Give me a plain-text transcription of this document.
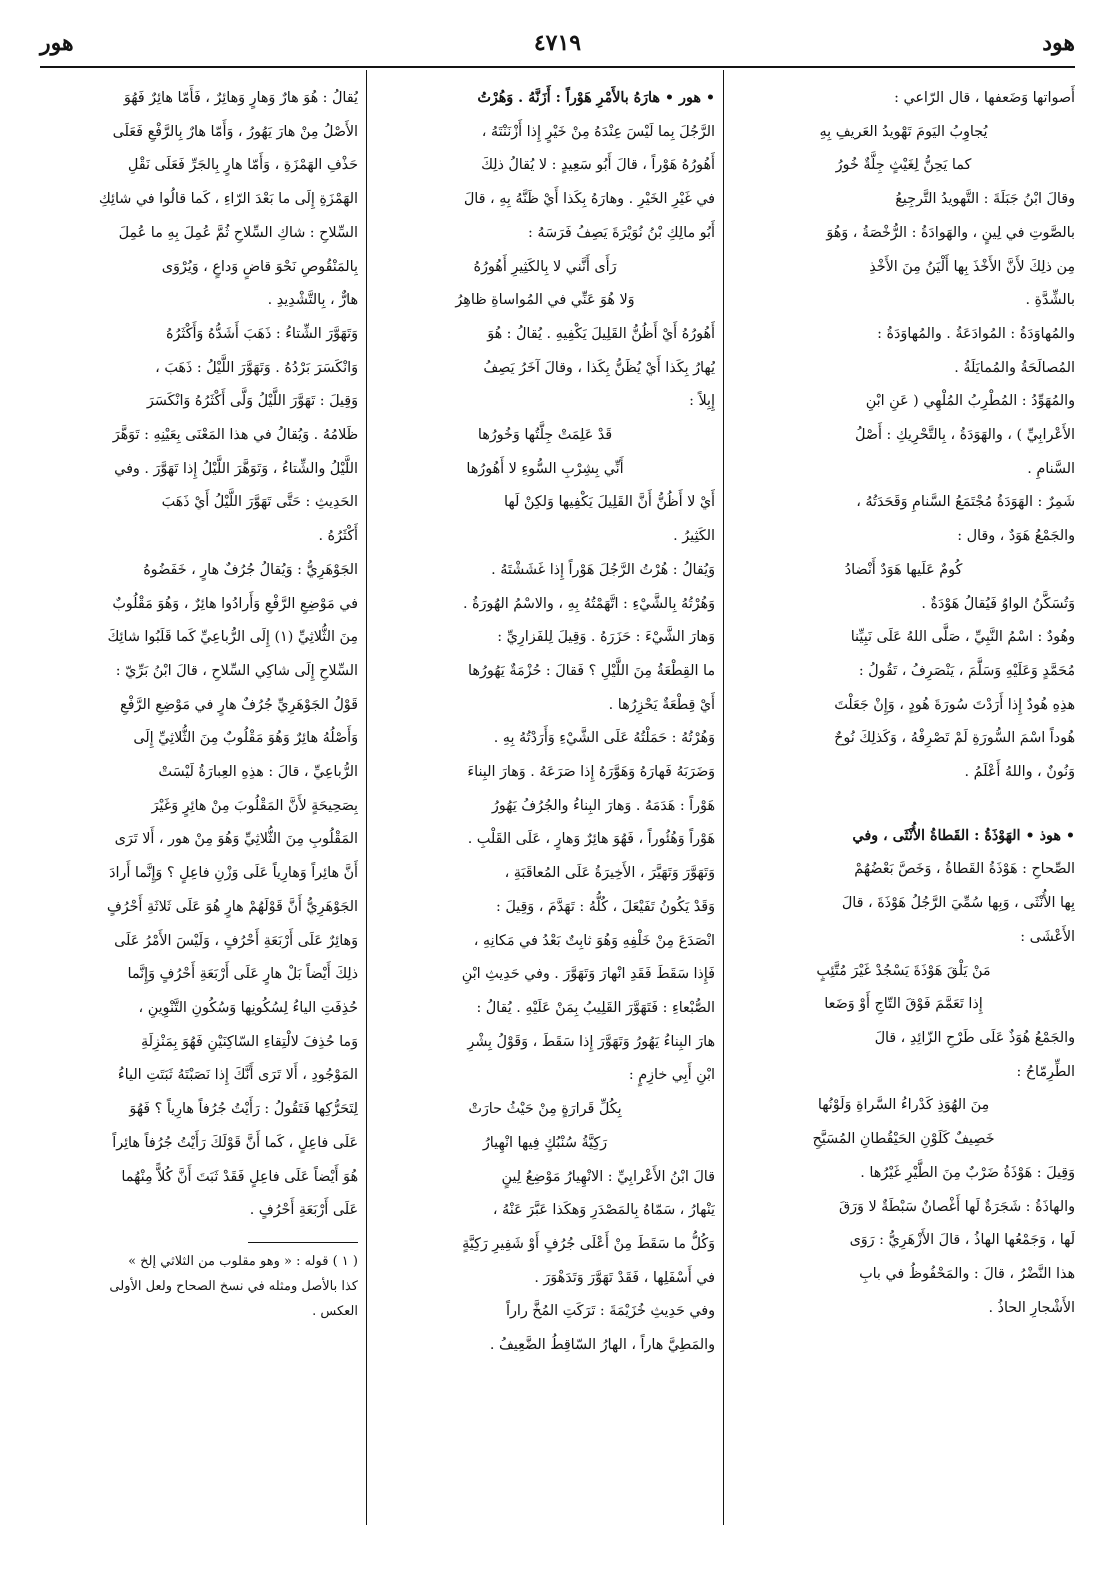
هود
٤٧١٩
هور

أَصواتها وَضَعفها ، قال الرّاعي :

يُجاوِبُ اليَومَ تَهْويدُ العَريفِ بِهِ

كما يَحِنُّ لِغَيْثٍ جِلَّةٌ خُورُ

وقالَ ابْنُ جَبَلَةَ : التَّهويدُ التَّرجِيعُ

بالصَّوتِ في لِينٍ ، والهَوادَةُ : الرُّخْصَةُ ، وَهُوَ

مِن ذلِكَ لأَنَّ الأَخْذَ بِها أَلْيَنُ مِنَ الأَخْذِ

بالشِّدَّةِ .

والمُهاوَدَةُ : المُوادَعَةُ . والمُهاوَدَةُ :

المُصالَحَةُ والمُمايَلَةُ .

والمُهَوِّدُ : المُطْرِبُ المُلْهِي ( عَنِ ابْنِ

الأَعْرابِيِّ ) ، والهَوَدَةُ ، بِالتَّحْرِيكِ : أَصْلُ

السَّنامِ .

شَمِرٌ : الهَوَدَةُ مُجْتَمَعُ السَّنامِ وَقَحَدَتُهُ ،

والجَمْعُ هَوَدٌ ، وقال :

كُومٌ عَلَيها هَوَدٌ أَنْضادُ

وَتُسَكَّنُ الواوُ فَيُقالُ هَوْدَةٌ .

وهُودٌ : اسْمُ النَّبِيِّ ، صَلَّى اللهُ عَلَى نَبِيِّنا

مُحَمَّدٍ وَعَلَيْهِ وَسَلَّمَ ، يَنْصَرِفُ ، تَقُولُ :

هذِهِ هُودٌ إِذا أَرَدْتَ سُورَةَ هُودٍ ، وَإِنْ جَعَلْتَ

هُوداً اسْمَ السُّورَةِ لَمْ تَصْرِفْهُ ، وَكَذلِكَ نُوحٌ

وَنُونٌ ، واللهُ أَعْلَمُ .

• هوذ • الهَوْذَةُ : القَطاةُ الأُنْثَى ، وفي

الصِّحاحِ : هَوْذَةُ القَطاةُ ، وَخَصَّ بَعْضُهُمْ

بِها الأُنْثَى ، وَبِها سُمِّيَ الرَّجُلُ هَوْذَةَ ، قالَ

الأَعْشَى :

مَنْ يَلْقَ هَوْذَةَ يَسْجُدْ غَيْرَ مُتَّئِبٍ

إِذا تَعَمَّمَ فَوْقَ التّاجِ أَوْ وَضَعا

والجَمْعُ هُوَذٌ عَلَى طَرْحِ الزّائِدِ ، قالَ

الطِّرِمّاحُ :

مِنَ الهُوَذِ كَدْراءُ السَّراةِ وَلَوْنُها

خَصِيفٌ كَلَوْنِ الحَيْقُطانِ المُسَيَّحِ

وَقِيلَ : هَوْذَةُ ضَرْبٌ مِنَ الطَّيْرِ غَيْرُها .

والهاذَةُ : شَجَرَةٌ لَها أَغْصانٌ سَبْطَةٌ لا وَرَقَ

لَها ، وَجَمْعُها الهاذُ ، قالَ الأَزْهَرِيُّ : رَوَى

هذا النَّضْرُ ، قالَ : والمَحْفُوظُ في بابِ

الأَشْجارِ الحاذُ .

• هور • هارَهُ بالأَمْرِ هَوْراً : أَزَنَّهُ . وَهُرْتُ

الرَّجُلَ بِما لَيْسَ عِنْدَهُ مِنْ خَيْرٍ إِذا أَزْنَنْتَهُ ،

أَهُورُهُ هَوْراً ، قالَ أَبُو سَعِيدٍ : لا يُقالُ ذلِكَ

في غَيْرِ الخَيْرِ . وهارَهُ بِكَذا أَيْ ظَنَّهُ بِهِ ، قالَ

أَبُو مالِكِ بْنُ نُوَيْرَةَ يَصِفُ فَرَسَهُ :

رَأَى أَنَّني لا بِالكَثِيرِ أَهُورُهُ

وَلا هُوَ عَنِّي في المُواساةِ ظاهِرُ

أَهُورُهُ أَيْ أَظُنُّ القَلِيلَ يَكْفِيهِ . يُقالُ : هُوَ

يُهارُ بِكَذا أَيْ يُظَنُّ بِكَذا ، وقالَ آخَرُ يَصِفُ

إِبِلاً :

قَدْ عَلِمَتْ جِلَّتُها وَخُورُها

أَنِّي بِشِرْبِ السُّوءِ لا أَهُورُها

أَيْ لا أَظُنُّ أَنَّ القَلِيلَ يَكْفِيها وَلكِنْ لَها

الكَثِيرُ .

وَيُقالُ : هُرْتُ الرَّجُلَ هَوْراً إِذا غَشَشْتَهُ .

وَهُرْتُهُ بِالشَّيْءِ : اتَّهَمْتُهُ بِهِ ، والاسْمُ الهُورَةُ .

وَهارَ الشَّيْءَ : حَزَرَهُ . وَقِيلَ لِلفَزارِيِّ :

ما القِطْعَةُ مِنَ اللَّيْلِ ؟ فَقالَ : حُزْمَةٌ يَهُورُها

أَيْ قِطْعَةٌ يَحْزِرُها .

وَهُرْتُهُ : حَمَلْتُهُ عَلَى الشَّيْءِ وَأَرَدْتُهُ بِهِ .

وَضَرَبَهُ فَهارَهُ وَهَوَّرَهُ إِذا صَرَعَهُ . وَهارَ البِناءَ

هَوْراً : هَدَمَهُ . وَهارَ البِناءُ والجُرُفُ يَهُورُ

هَوْراً وَهُئُوراً ، فَهُوَ هائِرٌ وَهارٍ ، عَلَى القَلْبِ .

وَتَهَوَّرَ وَتَهَيَّرَ ، الأَخِيرَةُ عَلَى المُعاقَبَةِ ،

وَقَدْ يَكُونُ تَفَيْعَلَ ، كُلُّهُ : تَهَدَّمَ ، وَقِيلَ :

انْصَدَعَ مِنْ خَلْفِهِ وَهُوَ ثابِتٌ بَعْدُ في مَكانِهِ ،

فَإِذا سَقَطَ فَقَدِ انْهارَ وَتَهَوَّرَ . وفي حَدِيثِ ابْنِ

الصُّبْعاءِ : فَتَهَوَّرَ القَلِيبُ بِمَنْ عَلَيْهِ . يُقالُ :

هارَ البِناءُ يَهُورُ وَتَهَوَّرَ إِذا سَقَطَ ، وَقَوْلُ بِشْرِ

ابْنِ أَبِي خازِمٍ :

بِكُلِّ قَرارَةٍ مِنْ حَيْثُ حارَتْ

رَكِيَّةُ سُنْبُكٍ فِيها انْهِيارُ

قالَ ابْنُ الأَعْرابِيِّ : الانْهِيارُ مَوْضِعُ لِينٍ

يَنْهارُ ، سَمّاهُ بِالمَصْدَرِ وَهكَذا عَبَّرَ عَنْهُ ،

وَكُلُّ ما سَقَطَ مِنْ أَعْلَى جُرُفٍ أَوْ شَفِيرِ رَكِيَّةٍ

في أَسْفَلِها ، فَقَدْ تَهَوَّرَ وَتَدَهْوَرَ .

وفي حَدِيثِ خُزَيْمَةَ : تَرَكَتِ المُخَّ راراً

والمَطِيَّ هاراً ، الهارُ السّاقِطُ الضَّعِيفُ .

يُقالُ : هُوَ هارٌ وَهارٍ وَهائِرٌ ، فَأَمّا هائِرٌ فَهُوَ

الأَصْلُ مِنْ هارَ يَهُورُ ، وَأَمّا هارٌ بِالرَّفْعِ فَعَلَى

حَذْفِ الهَمْزَةِ ، وَأَمّا هارٍ بِالجَرِّ فَعَلَى نَقْلِ

الهَمْزَةِ إِلَى ما بَعْدَ الرّاءِ ، كَما قالُوا في شائِكِ

السِّلاحِ : شاكِ السِّلاحِ ثُمَّ عُمِلَ بِهِ ما عُمِلَ

بِالمَنْقُوصِ نَحْوَ قاضٍ وَداعٍ ، وَيُرْوَى

هارٌّ ، بِالتَّشْدِيدِ .

وَتَهَوَّرَ الشِّتاءُ : ذَهَبَ أَشَدُّهُ وَأَكْثَرُهُ

وَانْكَسَرَ بَرْدُهُ . وَتَهَوَّرَ اللَّيْلُ : ذَهَبَ ،

وَقِيلَ : تَهَوَّرَ اللَّيْلُ وَلَّى أَكْثَرُهُ وَانْكَسَرَ

ظَلامُهُ . وَيُقالُ في هذا المَعْنَى بِعَيْنِهِ : تَوَهَّرَ

اللَّيْلُ والشِّتاءُ ، وَتَوَهَّرَ اللَّيْلُ إِذا تَهَوَّرَ . وفي

الحَدِيثِ : حَتَّى تَهَوَّرَ اللَّيْلُ أَيْ ذَهَبَ

أَكْثَرُهُ .

الجَوْهَرِيُّ : وَيُقالُ جُرُفٌ هارٍ ، خَفَضُوهُ

في مَوْضِعِ الرَّفْعِ وَأَرادُوا هائِرٌ ، وَهُوَ مَقْلُوبٌ

مِنَ الثُّلاثِيِّ (١) إِلَى الرُّباعِيِّ كَما قَلَبُوا شائِكَ

السِّلاحِ إِلَى شاكِي السِّلاحِ ، قالَ ابْنُ بَرِّيّ :

قَوْلُ الجَوْهَرِيِّ جُرُفٌ هارٍ في مَوْضِعِ الرَّفْعِ

وَأَصْلُهُ هائِرٌ وَهُوَ مَقْلُوبٌ مِنَ الثُّلاثِيِّ إِلَى

الرُّباعِيِّ ، قالَ : هذِهِ العِبارَةُ لَيْسَتْ

بِصَحِيحَةٍ لأَنَّ المَقْلُوبَ مِنْ هائِرٍ وَغَيْرَ

المَقْلُوبِ مِنَ الثُّلاثِيِّ وَهُوَ مِنْ هور ، أَلا تَرَى

أَنَّ هائِراً وَهارِياً عَلَى وَزْنِ فاعِلٍ ؟ وَإِنَّما أَرادَ

الجَوْهَرِيُّ أَنَّ قَوْلَهُمْ هارٍ هُوَ عَلَى ثَلاثَةِ أَحْرُفٍ

وَهائِرٌ عَلَى أَرْبَعَةِ أَحْرُفٍ ، وَلَيْسَ الأَمْرُ عَلَى

ذلِكَ أَيْضاً بَلْ هارٍ عَلَى أَرْبَعَةِ أَحْرُفٍ وَإِنَّما

حُذِفَتِ الياءُ لِسُكُونِها وَسُكُونِ التَّنْوِينِ ،

وَما حُذِفَ لالْتِقاءِ السّاكِنَيْنِ فَهُوَ بِمَنْزِلَةِ

المَوْجُودِ ، أَلا تَرَى أَنَّكَ إِذا نَصَبْتَهُ ثَبَتَتِ الياءُ

لِتَحَرُّكِها فَتَقُولُ : رَأَيْتُ جُرُفاً هارِياً ؟ فَهُوَ

عَلَى فاعِلٍ ، كَما أَنَّ قَوْلَكَ رَأَيْتُ جُرُفاً هائِراً

هُوَ أَيْضاً عَلَى فاعِلٍ فَقَدْ ثَبَتَ أَنَّ كُلاًّ مِنْهُما

عَلَى أَرْبَعَةِ أَحْرُفٍ .

( ١ ) قوله : « وهو مقلوب من الثلاثي إلخ »

كذا بالأصل ومثله في نسخ الصحاح ولعل الأولى

العكس .
